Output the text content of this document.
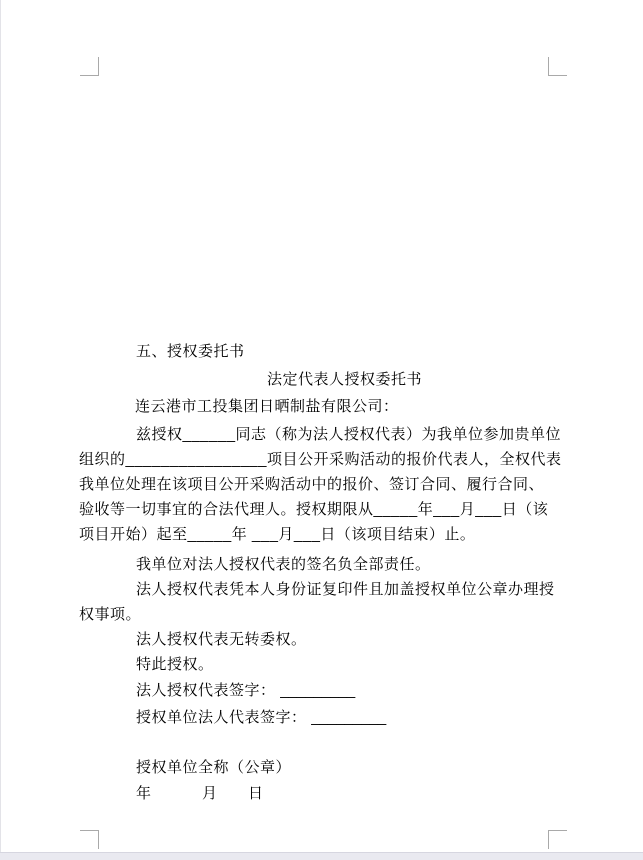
五、授权委托书
法定代表人授权委托书
连云港市工投集团日晒制盐有限公司：
兹授权______同志（称为法人授权代表）为我单位参加贵单位
组织的________________项目公开采购活动的报价代表人，全权代表
我单位处理在该项目公开采购活动中的报价、签订合同、履行合同、
验收等一切事宜的合法代理人。授权期限从_____年___月___日（该
项目开始）起至_____年 ___月___日（该项目结束）止。
我单位对法人授权代表的签名负全部责任。
法人授权代表凭本人身份证复印件且加盖授权单位公章办理授
权事项。
法人授权代表无转委权。
特此授权。
法人授权代表签字： _________
授权单位法人代表签字： _________
授权单位全称（公章）

年

	月

日
